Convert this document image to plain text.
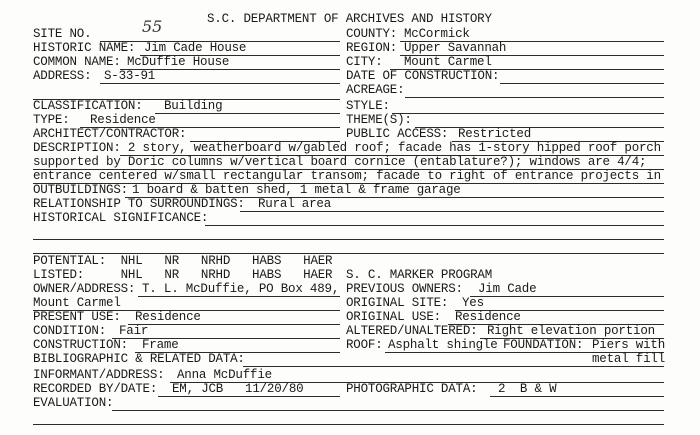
S.C. DEPARTMENT OF ARCHIVES AND HISTORY
SITE NO.	55	COUNTY: McCormick
HISTORIC NAME: Jim Cade House	REGION: Upper Savannah
COMMON NAME: McDuffie House	CITY: Mount Carmel
ADDRESS: S-33-91	DATE OF CONSTRUCTION:
ACREAGE:
CLASSIFICATION: Building	STYLE:
TYPE: Residence	THEME(S):
ARCHITECT/CONTRACTOR:	PUBLIC ACCESS: Restricted
DESCRIPTION: 2 story, weatherboard w/gabled roof; facade has 1-story hipped roof porch
supported by Doric columns w/vertical board cornice (entablature?); windows are 4/4;
entrance centered w/small rectangular transom; facade to right of entrance projects in
OUTBUILDINGS: 1 board & batten shed, 1 metal & frame garage
RELATIONSHIP TO SURROUNDINGS: Rural area
HISTORICAL SIGNIFICANCE:
POTENTIAL:  NHL   NR   NRHD   HABS   HAER
LISTED:     NHL   NR   NRHD   HABS   HAER S. C. MARKER PROGRAM
OWNER/ADDRESS: T. L. McDuffie, PO Box 489, PREVIOUS OWNERS: Jim Cade
Mount Carmel	ORIGINAL SITE: Yes
PRESENT USE: Residence	ORIGINAL USE: Residence
CONDITION: Fair	ALTERED/UNALTERED: Right elevation portion
CONSTRUCTION: Frame	ROOF: Asphalt shingle FOUNDATION: Piers with
BIBLIOGRAPHIC & RELATED DATA:	metal fill
INFORMANT/ADDRESS: Anna McDuffie
RECORDED BY/DATE: EM, JCB   11/20/80	PHOTOGRAPHIC DATA: 2  B & W
EVALUATION:
